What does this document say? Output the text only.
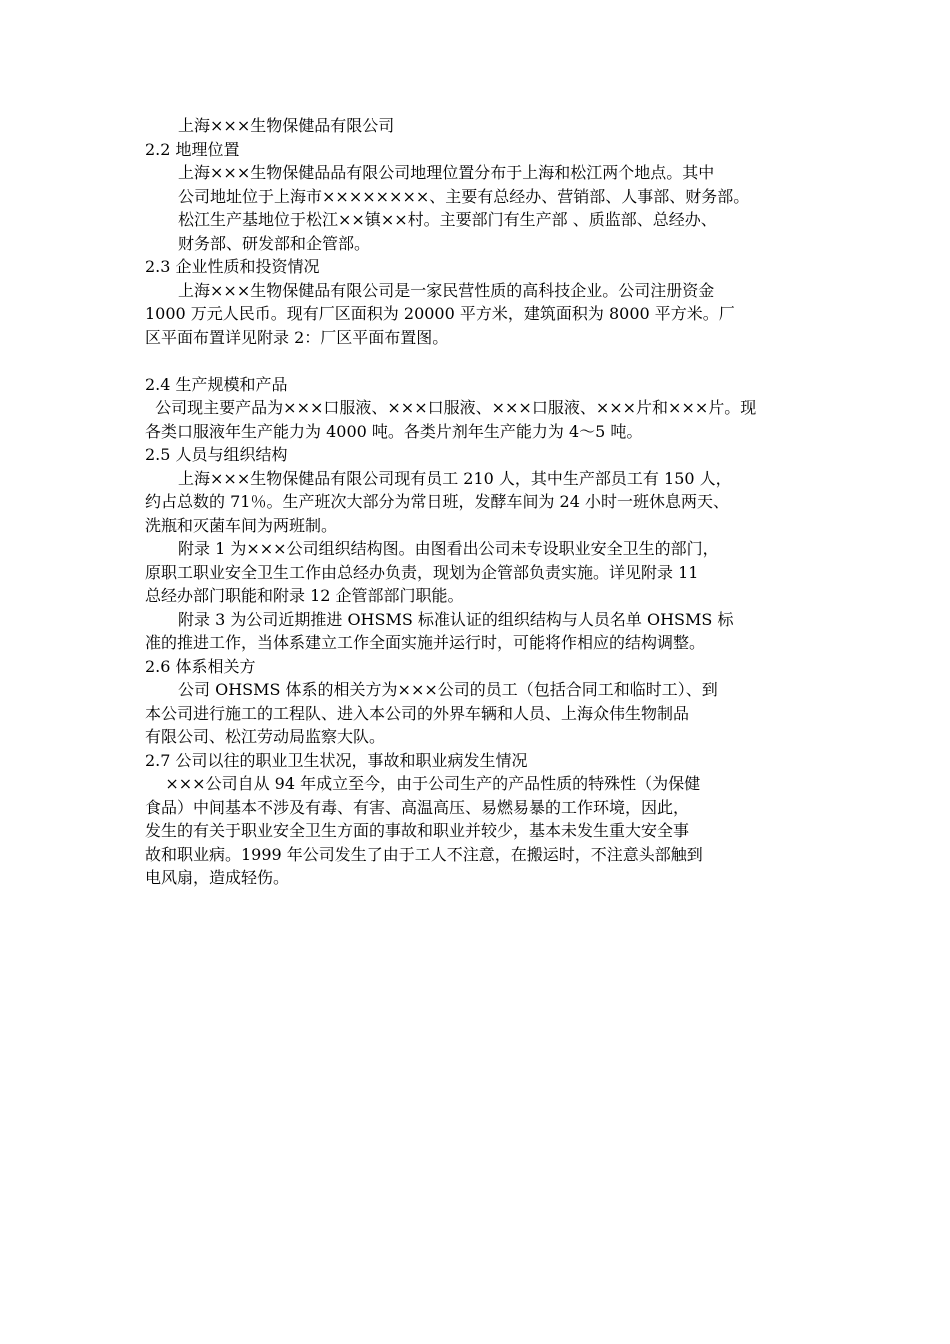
上海×××生物保健品有限公司
2.2 地理位置
上海×××生物保健品品有限公司地理位置分布于上海和松江两个地点。其中
公司地址位于上海市××××××××、主要有总经办、营销部、人事部、财务部。
松江生产基地位于松江××镇××村。主要部门有生产部 、质监部、总经办、
财务部、研发部和企管部。
2.3 企业性质和投资情况
上海×××生物保健品有限公司是一家民营性质的高科技企业。公司注册资金
1000 万元人民币。现有厂区面积为 20000 平方米，建筑面积为 8000 平方米。厂
区平面布置详见附录 2：厂区平面布置图。
2.4 生产规模和产品
公司现主要产品为×××口服液、×××口服液、×××口服液、×××片和×××片。现
各类口服液年生产能力为 4000 吨。各类片剂年生产能力为 4～5 吨。
2.5 人员与组织结构
上海×××生物保健品有限公司现有员工 210 人，其中生产部员工有 150 人，
约占总数的 71％。生产班次大部分为常日班，发酵车间为 24 小时一班休息两天、
洗瓶和灭菌车间为两班制。
附录 1 为×××公司组织结构图。由图看出公司未专设职业安全卫生的部门，
原职工职业安全卫生工作由总经办负责，现划为企管部负责实施。详见附录 11
总经办部门职能和附录 12 企管部部门职能。
附录 3 为公司近期推进 OHSMS 标准认证的组织结构与人员名单 OHSMS 标
准的推进工作，当体系建立工作全面实施并运行时，可能将作相应的结构调整。
2.6 体系相关方
公司 OHSMS 体系的相关方为×××公司的员工（包括合同工和临时工）、到
本公司进行施工的工程队、进入本公司的外界车辆和人员、上海众伟生物制品
有限公司、松江劳动局监察大队。
2.7 公司以往的职业卫生状况，事故和职业病发生情况
×××公司自从 94 年成立至今，由于公司生产的产品性质的特殊性（为保健
食品）中间基本不涉及有毒、有害、高温高压、易燃易暴的工作环境，因此，
发生的有关于职业安全卫生方面的事故和职业并较少，基本未发生重大安全事
故和职业病。1999 年公司发生了由于工人不注意，在搬运时，不注意头部触到
电风扇，造成轻伤。
